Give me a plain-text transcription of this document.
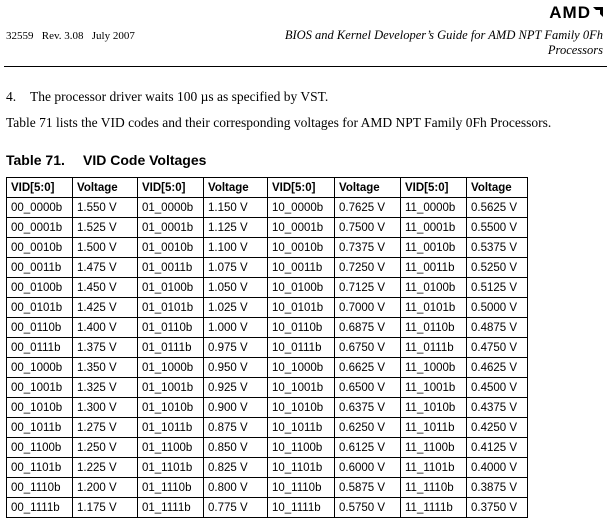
AMD
32559   Rev. 3.08   July 2007	BIOS and Kernel Developer’s Guide for AMD NPT Family 0Fh
Processors
4. The processor driver waits 100 µs as specified by VST.
Table 71 lists the VID codes and their corresponding voltages for AMD NPT Family 0Fh Processors.
Table 71. VID Code Voltages
VID[5:0]	Voltage	VID[5:0]	Voltage	VID[5:0]	Voltage	VID[5:0]	Voltage
00_0000b	1.550 V	01_0000b	1.150 V	10_0000b	0.7625 V	11_0000b	0.5625 V
00_0001b	1.525 V	01_0001b	1.125 V	10_0001b	0.7500 V	11_0001b	0.5500 V
00_0010b	1.500 V	01_0010b	1.100 V	10_0010b	0.7375 V	11_0010b	0.5375 V
00_0011b	1.475 V	01_0011b	1.075 V	10_0011b	0.7250 V	11_0011b	0.5250 V
00_0100b	1.450 V	01_0100b	1.050 V	10_0100b	0.7125 V	11_0100b	0.5125 V
00_0101b	1.425 V	01_0101b	1.025 V	10_0101b	0.7000 V	11_0101b	0.5000 V
00_0110b	1.400 V	01_0110b	1.000 V	10_0110b	0.6875 V	11_0110b	0.4875 V
00_0111b	1.375 V	01_0111b	0.975 V	10_0111b	0.6750 V	11_0111b	0.4750 V
00_1000b	1.350 V	01_1000b	0.950 V	10_1000b	0.6625 V	11_1000b	0.4625 V
00_1001b	1.325 V	01_1001b	0.925 V	10_1001b	0.6500 V	11_1001b	0.4500 V
00_1010b	1.300 V	01_1010b	0.900 V	10_1010b	0.6375 V	11_1010b	0.4375 V
00_1011b	1.275 V	01_1011b	0.875 V	10_1011b	0.6250 V	11_1011b	0.4250 V
00_1100b	1.250 V	01_1100b	0.850 V	10_1100b	0.6125 V	11_1100b	0.4125 V
00_1101b	1.225 V	01_1101b	0.825 V	10_1101b	0.6000 V	11_1101b	0.4000 V
00_1110b	1.200 V	01_1110b	0.800 V	10_1110b	0.5875 V	11_1110b	0.3875 V
00_1111b	1.175 V	01_1111b	0.775 V	10_1111b	0.5750 V	11_1111b	0.3750 V
